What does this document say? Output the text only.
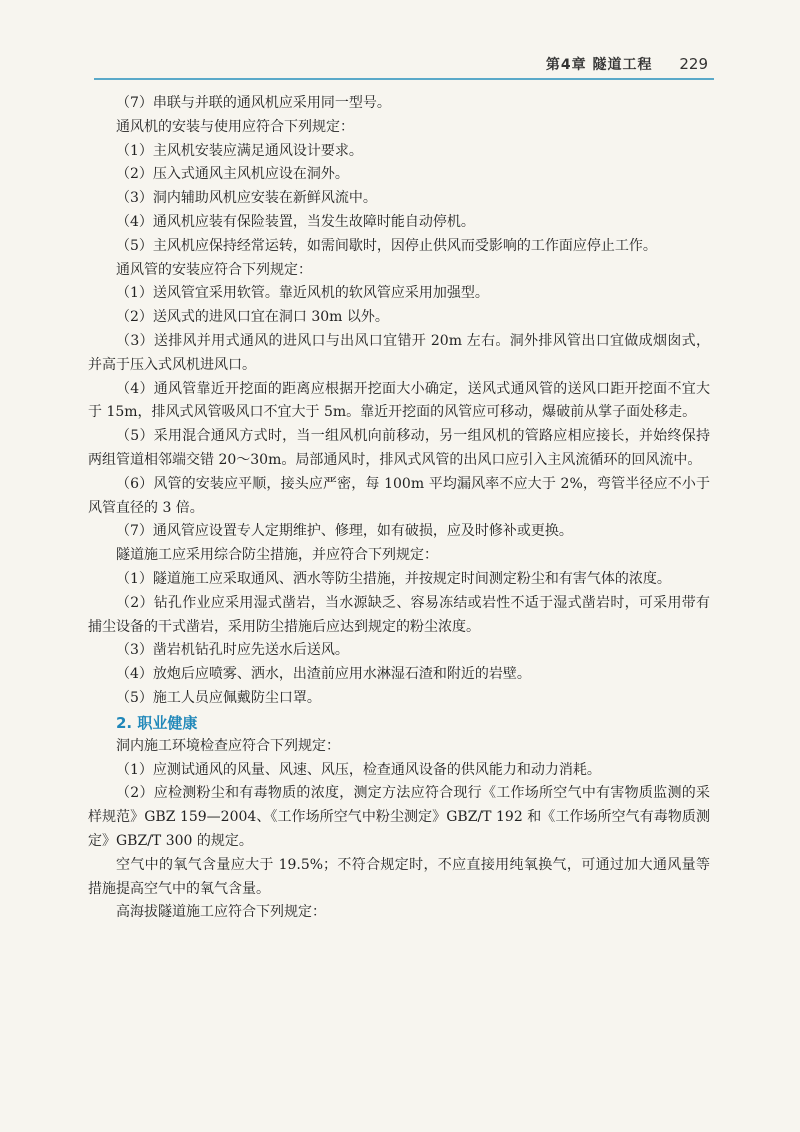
第4章 隧道工程 229

（7）串联与并联的通风机应采用同一型号。

通风机的安装与使用应符合下列规定：

（1）主风机安装应满足通风设计要求。

（2）压入式通风主风机应设在洞外。

（3）洞内辅助风机应安装在新鲜风流中。

（4）通风机应装有保险装置，当发生故障时能自动停机。

（5）主风机应保持经常运转，如需间歇时，因停止供风而受影响的工作面应停止工作。

通风管的安装应符合下列规定：

（1）送风管宜采用软管。靠近风机的软风管应采用加强型。

（2）送风式的进风口宜在洞口 30m 以外。

（3）送排风并用式通风的进风口与出风口宜错开 20m 左右。洞外排风管出口宜做成烟囱式，并高于压入式风机进风口。

（4）通风管靠近开挖面的距离应根据开挖面大小确定，送风式通风管的送风口距开挖面不宜大于 15m，排风式风管吸风口不宜大于 5m。靠近开挖面的风管应可移动，爆破前从掌子面处移走。

（5）采用混合通风方式时，当一组风机向前移动，另一组风机的管路应相应接长，并始终保持两组管道相邻端交错 20～30m。局部通风时，排风式风管的出风口应引入主风流循环的回风流中。

（6）风管的安装应平顺，接头应严密，每 100m 平均漏风率不应大于 2%，弯管半径应不小于风管直径的 3 倍。

（7）通风管应设置专人定期维护、修理，如有破损，应及时修补或更换。

隧道施工应采用综合防尘措施，并应符合下列规定：

（1）隧道施工应采取通风、洒水等防尘措施，并按规定时间测定粉尘和有害气体的浓度。

（2）钻孔作业应采用湿式凿岩，当水源缺乏、容易冻结或岩性不适于湿式凿岩时，可采用带有捕尘设备的干式凿岩，采用防尘措施后应达到规定的粉尘浓度。

（3）凿岩机钻孔时应先送水后送风。

（4）放炮后应喷雾、洒水，出渣前应用水淋湿石渣和附近的岩壁。

（5）施工人员应佩戴防尘口罩。

2. 职业健康

洞内施工环境检查应符合下列规定：

（1）应测试通风的风量、风速、风压，检查通风设备的供风能力和动力消耗。

（2）应检测粉尘和有毒物质的浓度，测定方法应符合现行《工作场所空气中有害物质监测的采样规范》GBZ 159—2004、《工作场所空气中粉尘测定》GBZ/T 192 和《工作场所空气有毒物质测定》GBZ/T 300 的规定。

空气中的氧气含量应大于 19.5%；不符合规定时，不应直接用纯氧换气，可通过加大通风量等措施提高空气中的氧气含量。

高海拔隧道施工应符合下列规定：
